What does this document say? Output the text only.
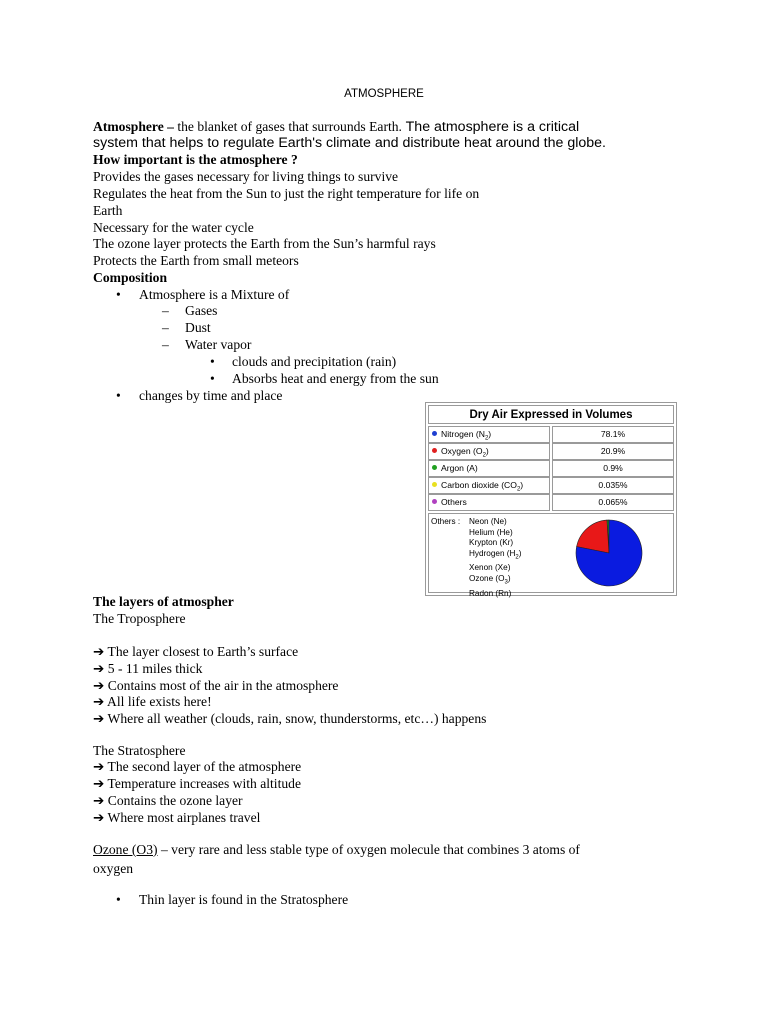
ATMOSPHERE
Atmosphere – the blanket of gases that surrounds Earth. The atmosphere is a critical
system that helps to regulate Earth's climate and distribute heat around the globe.
How important is the atmosphere ?
Provides the gases necessary for living things to survive
Regulates the heat from the Sun to just the right temperature for life on
Earth
Necessary for the water cycle
The ozone layer protects the Earth from the Sun’s harmful rays
Protects the Earth from small meteors
Composition
• Atmosphere is a Mixture of
– Gases
– Dust
– Water vapor
• clouds and precipitation (rain)
• Absorbs heat and energy from the sun
• changes by time and place
Dry Air Expressed in Volumes
Nitrogen $(N_2)$	78.1%
Oxygen $(O_2)$	20.9%
Argon (A)	0.9%
Carbon dioxide $(CO_2)$	0.035%
Others	0.065%
Others : Neon (Ne)
Helium (He)
Krypton (Kr)
Hydrogen $(H_2)$
Xenon (Xe)
Ozone $(O_3)$
Radon (Rn)
The layers of atmospher
The Troposphere
➔ The layer closest to Earth’s surface
➔ 5 - 11 miles thick
➔ Contains most of the air in the atmosphere
➔ All life exists here!
➔ Where all weather (clouds, rain, snow, thunderstorms, etc…) happens
The Stratosphere
➔ The second layer of the atmosphere
➔ Temperature increases with altitude
➔ Contains the ozone layer
➔ Where most airplanes travel
Ozone (O3) – very rare and less stable type of oxygen molecule that combines 3 atoms of
oxygen
• Thin layer is found in the Stratosphere
